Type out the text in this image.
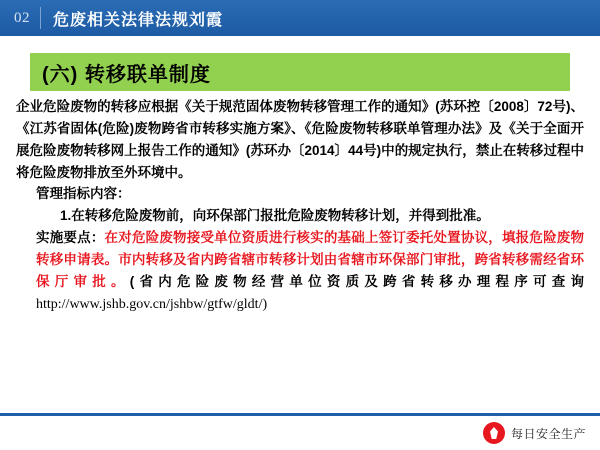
02 危废相关法律法规刘霞
(六) 转移联单制度

企业危险废物的转移应根据《关于规范固体废物转移管理工作的通知》(苏环控〔2008〕72号)、《江苏省固体(危险)废物跨省市转移实施方案》、《危险废物转移联单管理办法》及《关于全面开展危险废物转移网上报告工作的通知》(苏环办〔2014〕44号)中的规定执行，禁止在转移过程中将危险废物排放至外环境中。

管理指标内容：

1.在转移危险废物前，向环保部门报批危险废物转移计划，并得到批准。

实施要点：在对危险废物接受单位资质进行核实的基础上签订委托处置协议，填报危险废物转移申请表。市内转移及省内跨省辖市转移计划由省辖市环保部门审批，跨省转移需经省环保厅审批。(省内危险废物经营单位资质及跨省转移办理程序可查询http://www.jshb.gov.cn/jshbw/gtfw/gldt/)

每日安全生产
